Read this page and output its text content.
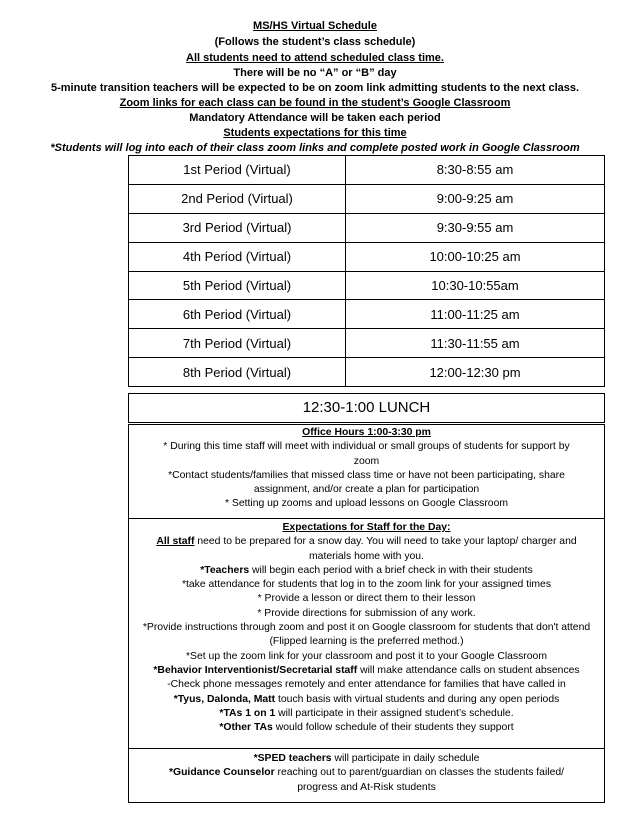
MS/HS Virtual Schedule
(Follows the student’s class schedule)
All students need to attend scheduled class time.
There will be no “A” or “B” day
5-minute transition teachers will be expected to be on zoom link admitting students to the next class.
Zoom links for each class can be found in the student’s Google Classroom
Mandatory Attendance will be taken each period
Students expectations for this time
*Students will log into each of their class zoom links and complete posted work in Google Classroom
1st Period (Virtual)	8:30-8:55 am
2nd Period (Virtual)	9:00-9:25 am
3rd Period (Virtual)	9:30-9:55 am
4th Period (Virtual)	10:00-10:25 am
5th Period (Virtual)	10:30-10:55am
6th Period (Virtual)	11:00-11:25 am
7th Period (Virtual)	11:30-11:55 am
8th Period (Virtual)	12:00-12:30 pm
12:30-1:00 LUNCH
Office Hours 1:00-3:30 pm
* During this time staff will meet with individual or small groups of students for support by zoom
*Contact students/families that missed class time or have not been participating, share assignment, and/or create a plan for participation
* Setting up zooms and upload lessons on Google Classroom
Expectations for Staff for the Day:
All staff need to be prepared for a snow day. You will need to take your laptop/ charger and materials home with you.
*Teachers will begin each period with a brief check in with their students
*take attendance for students that log in to the zoom link for your assigned times
* Provide a lesson or direct them to their lesson
* Provide directions for submission of any work.
*Provide instructions through zoom and post it on Google classroom for students that don't attend
(Flipped learning is the preferred method.)
*Set up the zoom link for your classroom and post it to your Google Classroom
*Behavior Interventionist/Secretarial staff will make attendance calls on student absences
-Check phone messages remotely and enter attendance for families that have called in
*Tyus, Dalonda, Matt touch basis with virtual students and during any open periods
*TAs 1 on 1 will participate in their assigned student’s schedule.
*Other TAs would follow schedule of their students they support
*SPED teachers will participate in daily schedule
*Guidance Counselor reaching out to parent/guardian on classes the students failed/ progress and At-Risk students
